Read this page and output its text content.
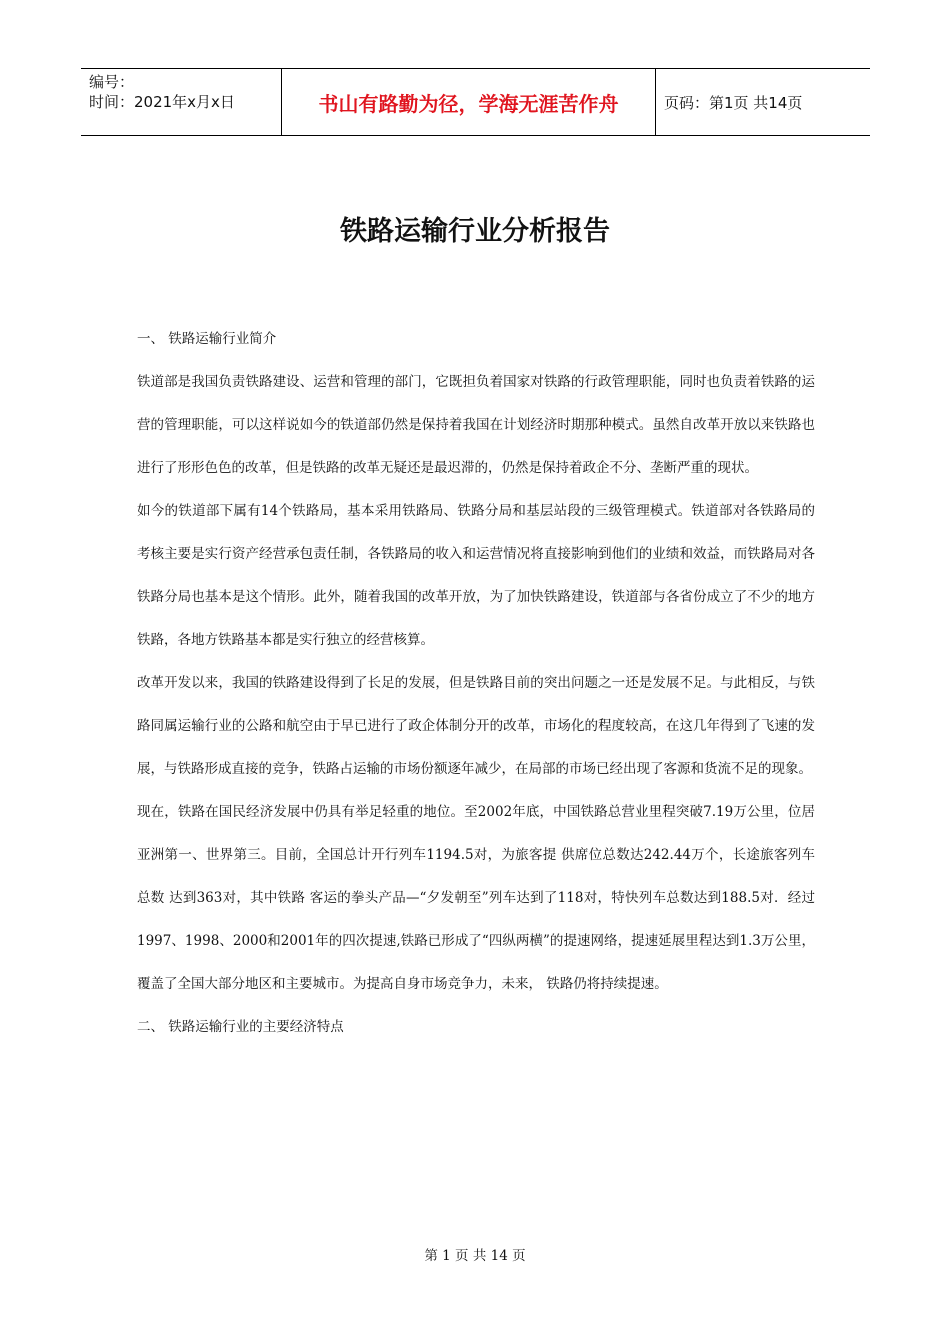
编号：
时间：2021年x月x日	书山有路勤为径，学海无涯苦作舟	页码：第1页 共14页
铁路运输行业分析报告

一、 铁路运输行业简介

铁道部是我国负责铁路建设、运营和管理的部门，它既担负着国家对铁路的行政管理职能，同时也负责着铁路的运营的管理职能，可以这样说如今的铁道部仍然是保持着我国在计划经济时期那种模式。虽然自改革开放以来铁路也进行了形形色色的改革，但是铁路的改革无疑还是最迟滞的，仍然是保持着政企不分、垄断严重的现状。

如今的铁道部下属有14个铁路局，基本采用铁路局、铁路分局和基层站段的三级管理模式。铁道部对各铁路局的考核主要是实行资产经营承包责任制，各铁路局的收入和运营情况将直接影响到他们的业绩和效益，而铁路局对各铁路分局也基本是这个情形。此外，随着我国的改革开放，为了加快铁路建设，铁道部与各省份成立了不少的地方铁路，各地方铁路基本都是实行独立的经营核算。

改革开发以来，我国的铁路建设得到了长足的发展，但是铁路目前的突出问题之一还是发展不足。与此相反，与铁路同属运输行业的公路和航空由于早已进行了政企体制分开的改革，市场化的程度较高，在这几年得到了飞速的发展，与铁路形成直接的竞争，铁路占运输的市场份额逐年减少，在局部的市场已经出现了客源和货流不足的现象。

现在，铁路在国民经济发展中仍具有举足轻重的地位。至2002年底，中国铁路总营业里程突破7.19万公里，位居亚洲第一、世界第三。目前，全国总计开行列车1194.5对，为旅客提 供席位总数达242.44万个，长途旅客列车总数 达到363对，其中铁路 客运的拳头产品—“夕发朝至”列车达到了118对，特快列车总数达到188.5对．经过1997、1998、2000和2001年的四次提速,铁路已形成了“四纵两横”的提速网络，提速延展里程达到1.3万公里，覆盖了全国大部分地区和主要城市。为提高自身市场竞争力，未来， 铁路仍将持续提速。

二、 铁路运输行业的主要经济特点

第 1 页 共 14 页
